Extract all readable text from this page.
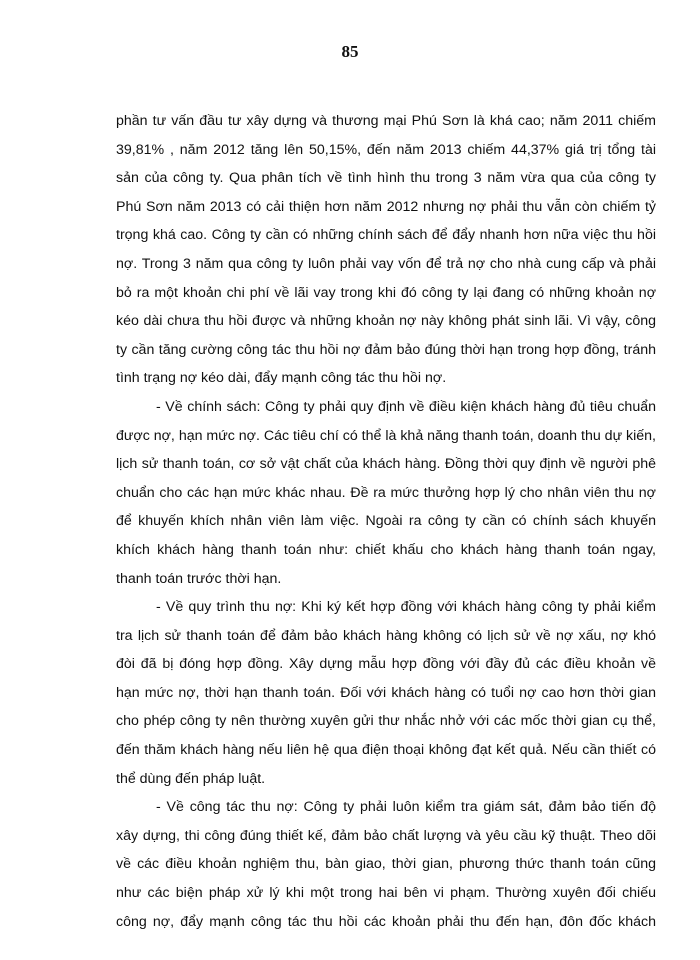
85
phần tư vấn đầu tư xây dựng và thương mại Phú Sơn là khá cao; năm 2011 chiếm
39,81% , năm 2012 tăng lên 50,15%, đến năm 2013 chiếm 44,37% giá trị tổng tài
sản của công ty. Qua phân tích về tình hình thu trong 3 năm vừa qua của công ty
Phú Sơn năm 2013 có cải thiện hơn năm 2012 nhưng nợ phải thu vẫn còn chiếm tỷ
trọng khá cao. Công ty cần có những chính sách để đẩy nhanh hơn nữa việc thu hồi
nợ. Trong 3 năm qua công ty luôn phải vay vốn để trả nợ cho nhà cung cấp và phải
bỏ ra một khoản chi phí về lãi vay trong khi đó công ty lại đang có những khoản nợ
kéo dài chưa thu hồi được và những khoản nợ này không phát sinh lãi. Vì vậy, công
ty cần tăng cường công tác thu hồi nợ đảm bảo đúng thời hạn trong hợp đồng, tránh
tình trạng nợ kéo dài, đẩy mạnh công tác thu hồi nợ.
- Về chính sách: Công ty phải quy định về điều kiện khách hàng đủ tiêu chuẩn
được nợ, hạn mức nợ. Các tiêu chí có thể là khả năng thanh toán, doanh thu dự kiến,
lịch sử thanh toán, cơ sở vật chất của khách hàng. Đồng thời quy định về người phê
chuẩn cho các hạn mức khác nhau. Đề ra mức thưởng hợp lý cho nhân viên thu nợ
để khuyến khích nhân viên làm việc. Ngoài ra công ty cần có chính sách khuyến
khích khách hàng thanh toán như: chiết khấu cho khách hàng thanh toán ngay,
thanh toán trước thời hạn.
- Về quy trình thu nợ: Khi ký kết hợp đồng với khách hàng công ty phải kiểm
tra lịch sử thanh toán để đảm bảo khách hàng không có lịch sử về nợ xấu, nợ khó
đòi đã bị đóng hợp đồng. Xây dựng mẫu hợp đồng với đầy đủ các điều khoản về
hạn mức nợ, thời hạn thanh toán. Đối với khách hàng có tuổi nợ cao hơn thời gian
cho phép công ty nên thường xuyên gửi thư nhắc nhở với các mốc thời gian cụ thể,
đến thăm khách hàng nếu liên hệ qua điện thoại không đạt kết quả. Nếu cần thiết có
thể dùng đến pháp luật.
- Về công tác thu nợ: Công ty phải luôn kiểm tra giám sát, đảm bảo tiến độ
xây dựng, thi công đúng thiết kế, đảm bảo chất lượng và yêu cầu kỹ thuật. Theo dõi
về các điều khoản nghiệm thu, bàn giao, thời gian, phương thức thanh toán cũng
như các biện pháp xử lý khi một trong hai bên vi phạm. Thường xuyên đối chiếu
công nợ, đẩy mạnh công tác thu hồi các khoản phải thu đến hạn, đôn đốc khách
